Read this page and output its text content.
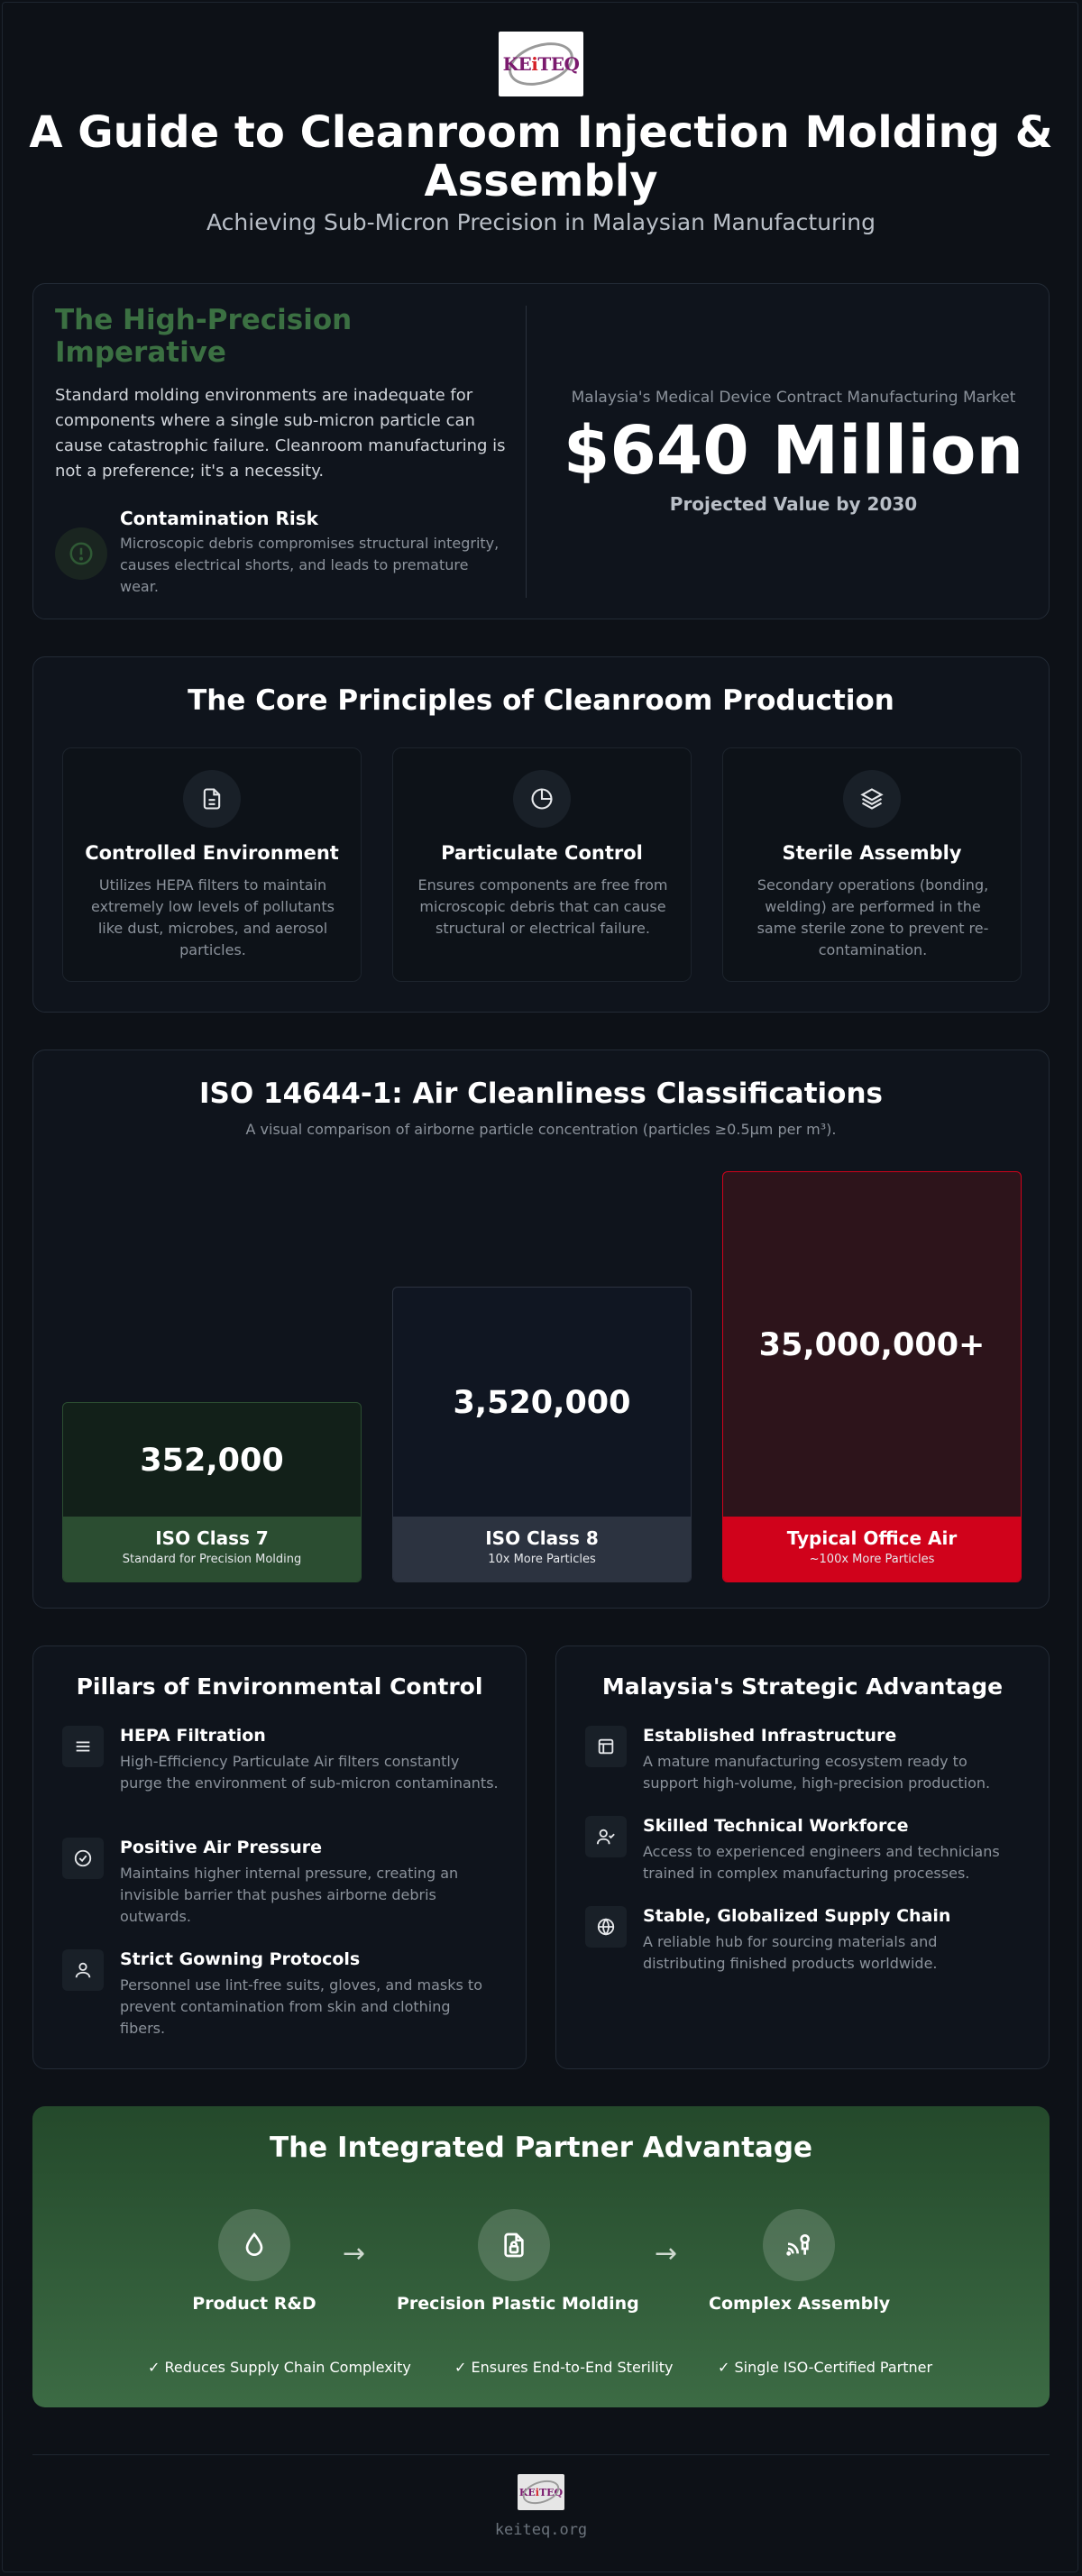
KEiTEQ
A Guide to Cleanroom Injection Molding & Assembly
Achieving Sub-Micron Precision in Malaysian Manufacturing
The High-Precision Imperative
Standard molding environments are inadequate for components where a single sub-micron particle can cause catastrophic failure. Cleanroom manufacturing is not a preference; it's a necessity.
Contamination Risk
Microscopic debris compromises structural integrity, causes electrical shorts, and leads to premature wear.
Malaysia's Medical Device Contract Manufacturing Market
$640 Million
Projected Value by 2030
The Core Principles of Cleanroom Production
Controlled Environment
Utilizes HEPA filters to maintain extremely low levels of pollutants like dust, microbes, and aerosol particles.
Particulate Control
Ensures components are free from microscopic debris that can cause structural or electrical failure.
Sterile Assembly
Secondary operations (bonding, welding) are performed in the same sterile zone to prevent re-contamination.
ISO 14644-1: Air Cleanliness Classifications
A visual comparison of airborne particle concentration (particles ≥0.5µm per m³).
352,000
ISO Class 7
Standard for Precision Molding
3,520,000
ISO Class 8
10x More Particles
35,000,000+
Typical Office Air
~100x More Particles
Pillars of Environmental Control
HEPA Filtration
High-Efficiency Particulate Air filters constantly purge the environment of sub-micron contaminants.
Positive Air Pressure
Maintains higher internal pressure, creating an invisible barrier that pushes airborne debris outwards.
Strict Gowning Protocols
Personnel use lint-free suits, gloves, and masks to prevent contamination from skin and clothing fibers.
Malaysia's Strategic Advantage
Established Infrastructure
A mature manufacturing ecosystem ready to support high-volume, high-precision production.
Skilled Technical Workforce
Access to experienced engineers and technicians trained in complex manufacturing processes.
Stable, Globalized Supply Chain
A reliable hub for sourcing materials and distributing finished products worldwide.
The Integrated Partner Advantage
Product R&D
→
Precision Plastic Molding
→
Complex Assembly
✓ Reduces Supply Chain Complexity	✓ Ensures End-to-End Sterility	✓ Single ISO-Certified Partner
KEiTEQ
keiteq.org
